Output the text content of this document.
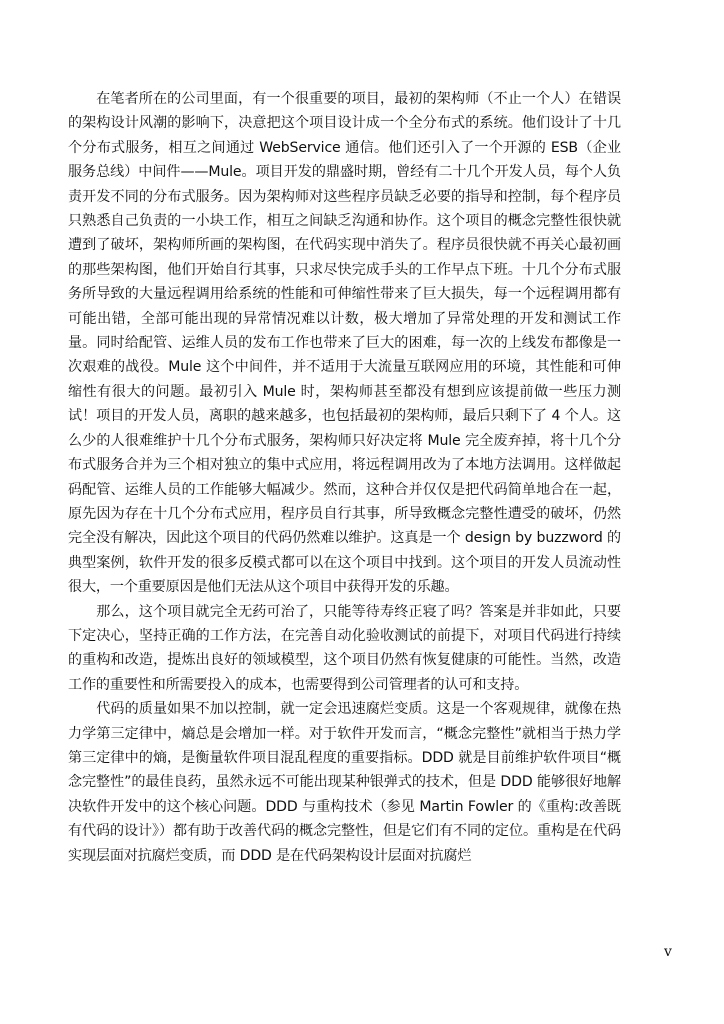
在笔者所在的公司里面，有一个很重要的项目，最初的架构师（不止一个人）在错误的架构设计风潮的影响下，决意把这个项目设计成一个全分布式的系统。他们设计了十几个分布式服务，相互之间通过 WebService 通信。他们还引入了一个开源的 ESB（企业服务总线）中间件——Mule。项目开发的鼎盛时期，曾经有二十几个开发人员，每个人负责开发不同的分布式服务。因为架构师对这些程序员缺乏必要的指导和控制，每个程序员只熟悉自己负责的一小块工作，相互之间缺乏沟通和协作。这个项目的概念完整性很快就遭到了破坏，架构师所画的架构图，在代码实现中消失了。程序员很快就不再关心最初画的那些架构图，他们开始自行其事，只求尽快完成手头的工作早点下班。十几个分布式服务所导致的大量远程调用给系统的性能和可伸缩性带来了巨大损失，每一个远程调用都有可能出错，全部可能出现的异常情况难以计数，极大增加了异常处理的开发和测试工作量。同时给配管、运维人员的发布工作也带来了巨大的困难，每一次的上线发布都像是一次艰难的战役。Mule 这个中间件，并不适用于大流量互联网应用的环境，其性能和可伸缩性有很大的问题。最初引入 Mule 时，架构师甚至都没有想到应该提前做一些压力测试！项目的开发人员，离职的越来越多，也包括最初的架构师，最后只剩下了 4 个人。这么少的人很难维护十几个分布式服务，架构师只好决定将 Mule 完全废弃掉，将十几个分布式服务合并为三个相对独立的集中式应用，将远程调用改为了本地方法调用。这样做起码配管、运维人员的工作能够大幅减少。然而，这种合并仅仅是把代码简单地合在一起，原先因为存在十几个分布式应用，程序员自行其事，所导致概念完整性遭受的破坏，仍然完全没有解决，因此这个项目的代码仍然难以维护。这真是一个 design by buzzword 的典型案例，软件开发的很多反模式都可以在这个项目中找到。这个项目的开发人员流动性很大，一个重要原因是他们无法从这个项目中获得开发的乐趣。

那么，这个项目就完全无药可治了，只能等待寿终正寝了吗？答案是并非如此，只要下定决心，坚持正确的工作方法，在完善自动化验收测试的前提下，对项目代码进行持续的重构和改造，提炼出良好的领域模型，这个项目仍然有恢复健康的可能性。当然，改造工作的重要性和所需要投入的成本，也需要得到公司管理者的认可和支持。

代码的质量如果不加以控制，就一定会迅速腐烂变质。这是一个客观规律，就像在热力学第三定律中，熵总是会增加一样。对于软件开发而言，“概念完整性”就相当于热力学第三定律中的熵，是衡量软件项目混乱程度的重要指标。DDD 就是目前维护软件项目“概念完整性”的最佳良药，虽然永远不可能出现某种银弹式的技术，但是 DDD 能够很好地解决软件开发中的这个核心问题。DDD 与重构技术（参见 Martin Fowler 的《重构:改善既有代码的设计》）都有助于改善代码的概念完整性，但是它们有不同的定位。重构是在代码实现层面对抗腐烂变质，而 DDD 是在代码架构设计层面对抗腐烂

v
